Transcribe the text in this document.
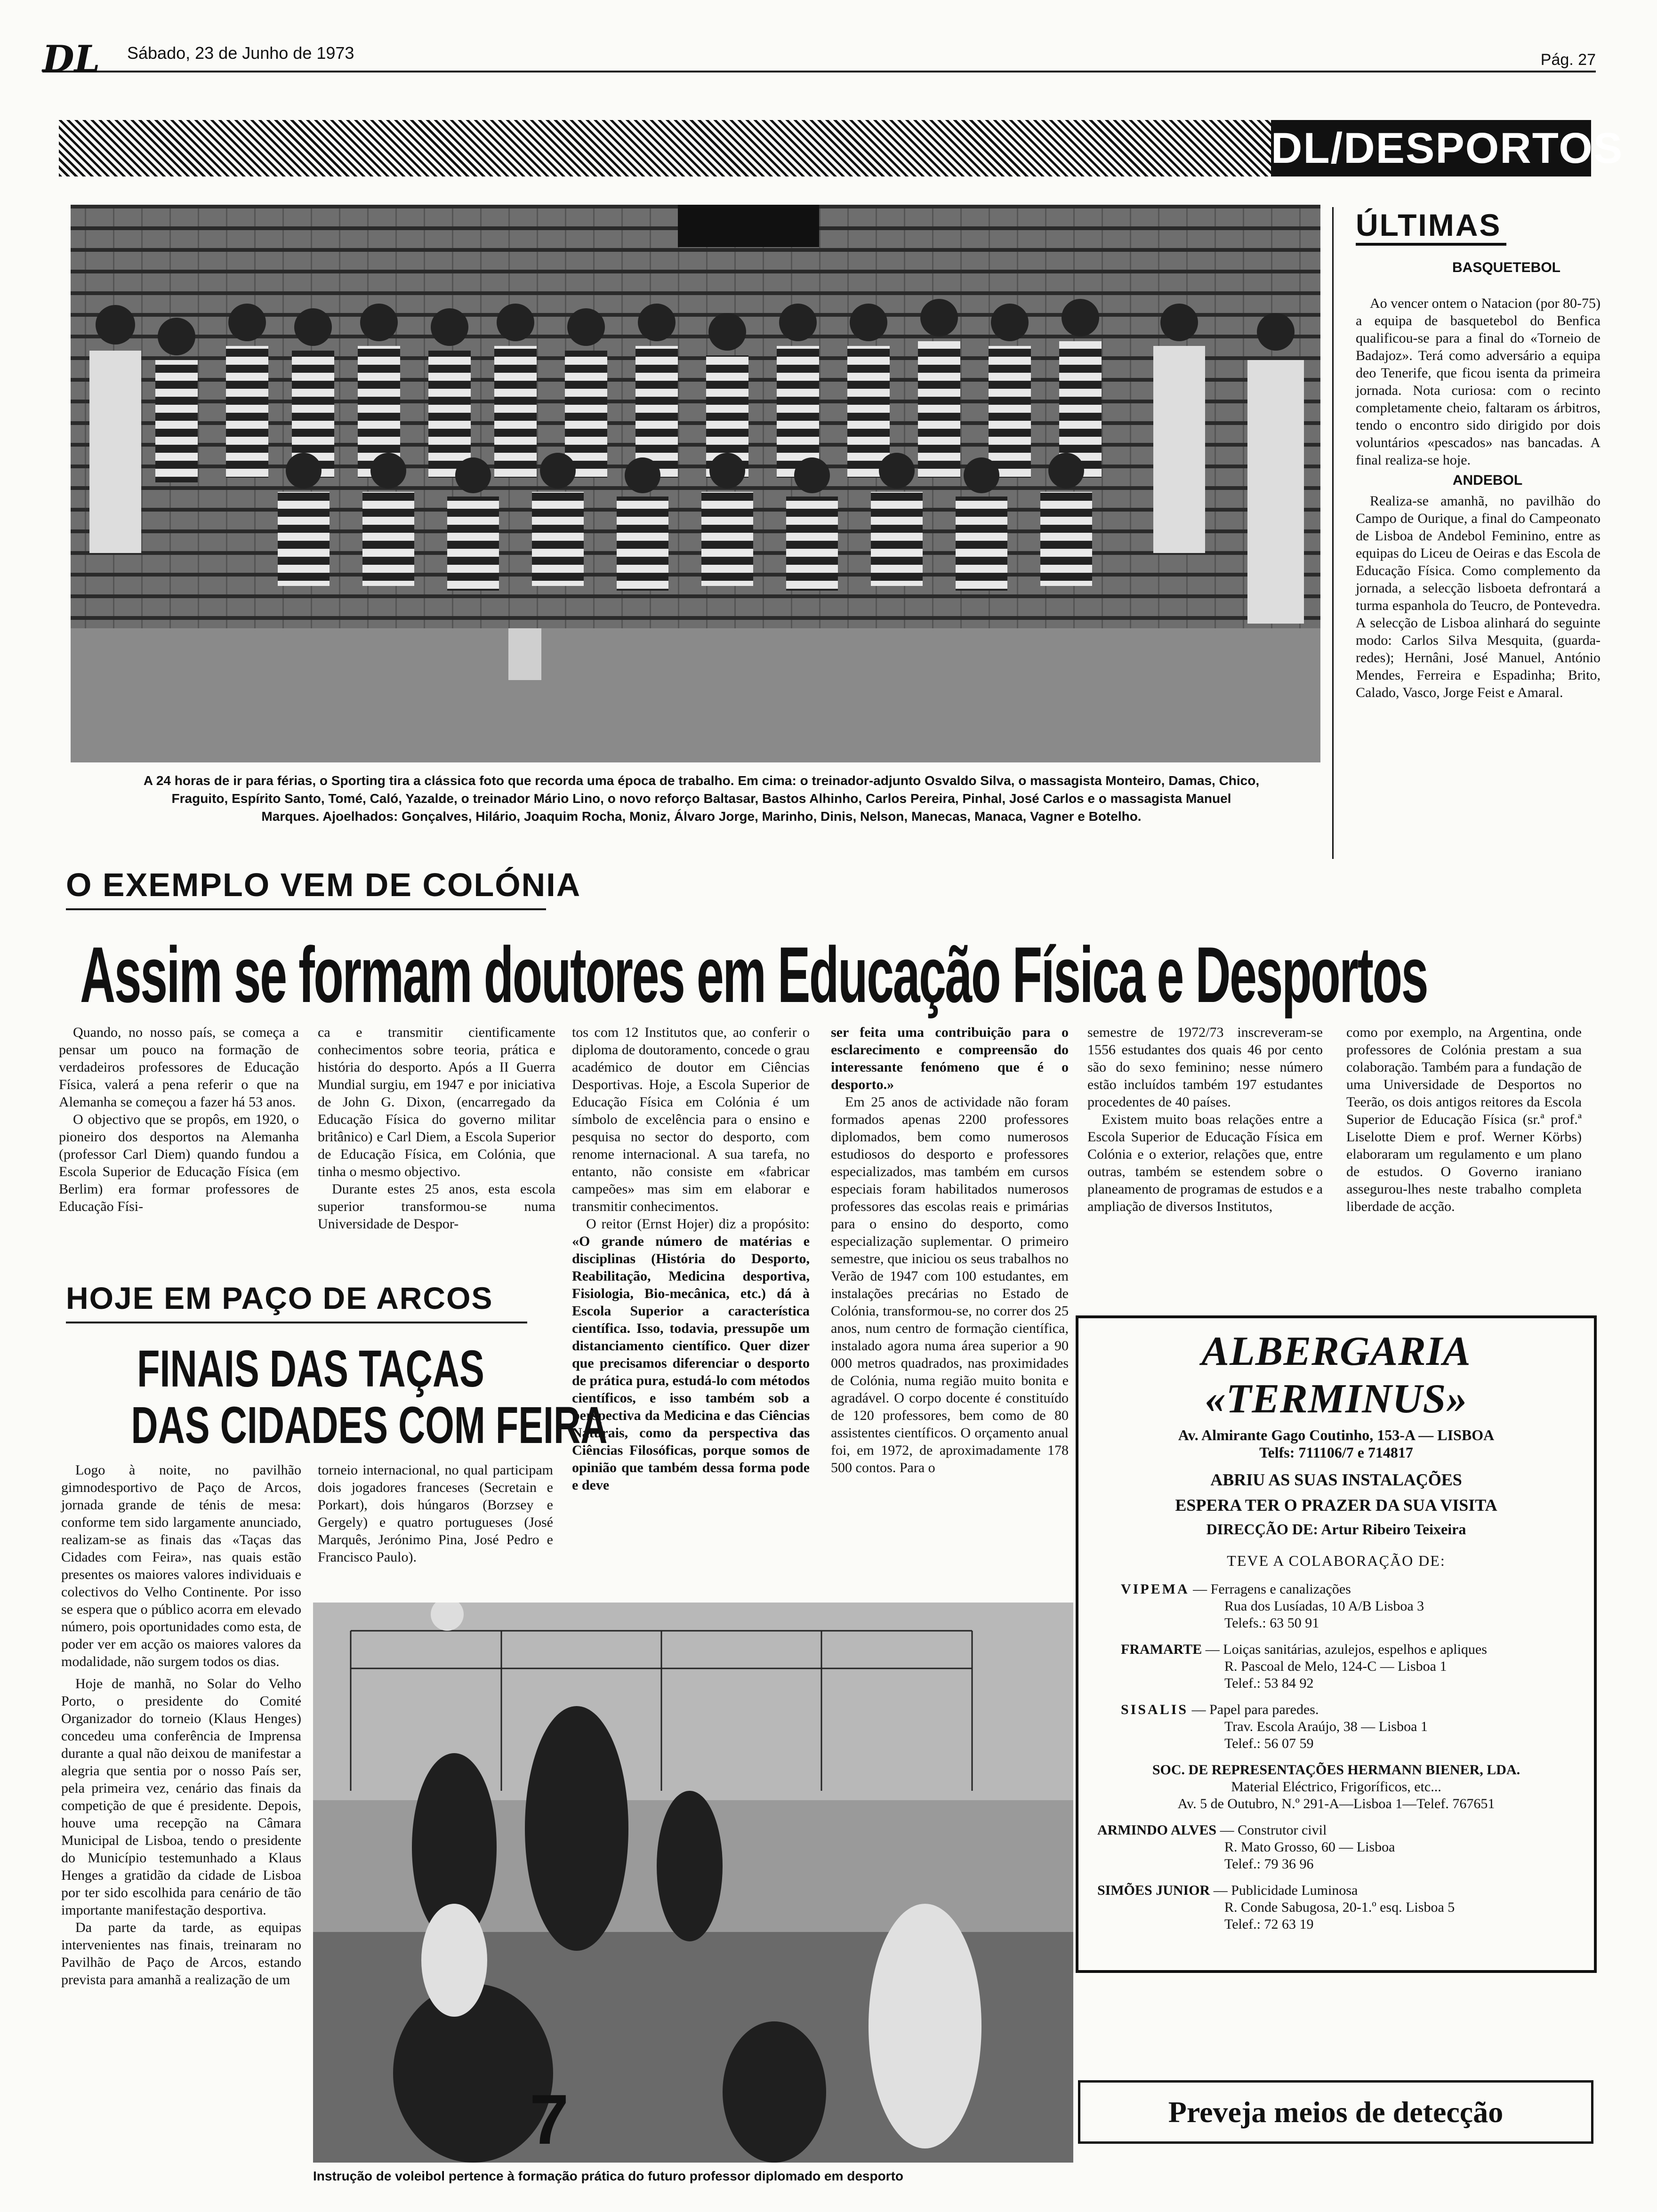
DL Sábado, 23 de Junho de 1973	Pág. 27
DL/DESPORTOS
A 24 horas de ir para férias, o Sporting tira a clássica foto que recorda uma época de trabalho. Em cima: o treinador-adjunto Osvaldo Silva, o massagista Monteiro, Damas, Chico, Fraguito, Espírito Santo, Tomé, Caló, Yazalde, o treinador Mário Lino, o novo reforço Baltasar, Bastos Alhinho, Carlos Pereira, Pinhal, José Carlos e o massagista Manuel Marques. Ajoelhados: Gonçalves, Hilário, Joaquim Rocha, Moniz, Álvaro Jorge, Marinho, Dinis, Nelson, Manecas, Manaca, Vagner e Botelho.
ÚLTIMAS
BASQUETEBOL

Ao vencer ontem o Natacion (por 80-75) a equipa de basquetebol do Benfica qualificou-se para a final do «Torneio de Badajoz». Terá como adversário a equipa deo Tenerife, que ficou isenta da primeira jornada. Nota curiosa: com o recinto completamente cheio, faltaram os árbitros, tendo o encontro sido dirigido por dois voluntários «pescados» nas bancadas. A final realiza-se hoje.

ANDEBOL

Realiza-se amanhã, no pavilhão do Campo de Ourique, a final do Campeonato de Lisboa de Andebol Feminino, entre as equipas do Liceu de Oeiras e das Escola de Educação Física. Como complemento da jornada, a selecção lisboeta defrontará a turma espanhola do Teucro, de Pontevedra. A selecção de Lisboa alinhará do seguinte modo: Carlos Silva Mesquita, (guarda-redes); Hernâni, José Manuel, António Mendes, Ferreira e Espadinha; Brito, Calado, Vasco, Jorge Feist e Amaral.

O EXEMPLO VEM DE COLÓNIA
Assim se formam doutores em Educação Física e Desportos

Quando, no nosso país, se começa a pensar um pouco na formação de verdadeiros professores de Educação Física, valerá a pena referir o que na Alemanha se começou a fazer há 53 anos.

O objectivo que se propôs, em 1920, o pioneiro dos desportos na Alemanha (professor Carl Diem) quando fundou a Escola Superior de Educação Física (em Berlim) era formar professores de Educação Físi-

ca e transmitir cientificamente conhecimentos sobre teoria, prática e história do desporto. Após a II Guerra Mundial surgiu, em 1947 e por iniciativa de John G. Dixon, (encarregado da Educação Física do governo militar britânico) e Carl Diem, a Escola Superior de Educação Física, em Colónia, que tinha o mesmo objectivo.

Durante estes 25 anos, esta escola superior transformou-se numa Universidade de Despor-

tos com 12 Institutos que, ao conferir o diploma de doutoramento, concede o grau académico de doutor em Ciências Desportivas. Hoje, a Escola Superior de Educação Física em Colónia é um símbolo de excelência para o ensino e pesquisa no sector do desporto, com renome internacional. A sua tarefa, no entanto, não consiste em «fabricar campeões» mas sim em elaborar e transmitir conhecimentos.

O reitor (Ernst Hojer) diz a propósito: «O grande número de matérias e disciplinas (História do Desporto, Reabilitação, Medicina desportiva, Fisiologia, Bio-mecânica, etc.) dá à Escola Superior a característica científica. Isso, todavia, pressupõe um distanciamento científico. Quer dizer que precisamos diferenciar o desporto de prática pura, estudá-lo com métodos científicos, e isso também sob a perspectiva da Medicina e das Ciências Naturais, como da perspectiva das Ciências Filosóficas, porque somos de opinião que também dessa forma pode e deve

ser feita uma contribuição para o esclarecimento e compreensão do interessante fenómeno que é o desporto.»

Em 25 anos de actividade não foram formados apenas 2200 professores diplomados, bem como numerosos estudiosos do desporto e professores especializados, mas também em cursos especiais foram habilitados numerosos professores das escolas reais e primárias para o ensino do desporto, como especialização suplementar. O primeiro semestre, que iniciou os seus trabalhos no Verão de 1947 com 100 estudantes, em instalações precárias no Estado de Colónia, transformou-se, no correr dos 25 anos, num centro de formação científica, instalado agora numa área superior a 90 000 metros quadrados, nas proximidades de Colónia, numa região muito bonita e agradável. O corpo docente é constituído de 120 professores, bem como de 80 assistentes científicos. O orçamento anual foi, em 1972, de aproximadamente 178 500 contos. Para o

semestre de 1972/73 inscreveram-se 1556 estudantes dos quais 46 por cento são do sexo feminino; nesse número estão incluídos também 197 estudantes procedentes de 40 países.

Existem muito boas relações entre a Escola Superior de Educação Física em Colónia e o exterior, relações que, entre outras, também se estendem sobre o planeamento de programas de estudos e a ampliação de diversos Institutos,

como por exemplo, na Argentina, onde professores de Colónia prestam a sua colaboração. Também para a fundação de uma Universidade de Desportos no Teerão, os dois antigos reitores da Escola Superior de Educação Física (sr.ª prof.ª Liselotte Diem e prof. Werner Körbs) elaboraram um regulamento e um plano de estudos. O Governo iraniano assegurou-lhes neste trabalho completa liberdade de acção.

HOJE EM PAÇO DE ARCOS
FINAIS DAS TAÇAS
DAS CIDADES COM FEIRA

Logo à noite, no pavilhão gimnodesportivo de Paço de Arcos, jornada grande de ténis de mesa: conforme tem sido largamente anunciado, realizam-se as finais das «Taças das Cidades com Feira», nas quais estão presentes os maiores valores individuais e colectivos do Velho Continente. Por isso se espera que o público acorra em elevado número, pois oportunidades como esta, de poder ver em acção os maiores valores da modalidade, não surgem todos os dias.

Hoje de manhã, no Solar do Velho Porto, o presidente do Comité Organizador do torneio (Klaus Henges) concedeu uma conferência de Imprensa durante a qual não deixou de manifestar a alegria que sentia por o nosso País ser, pela primeira vez, cenário das finais da competição de que é presidente. Depois, houve uma recepção na Câmara Municipal de Lisboa, tendo o presidente do Município testemunhado a Klaus Henges a gratidão da cidade de Lisboa por ter sido escolhida para cenário de tão importante manifestação desportiva.

Da parte da tarde, as equipas intervenientes nas finais, treinaram no Pavilhão de Paço de Arcos, estando prevista para amanhã a realização de um

torneio internacional, no qual participam dois jogadores franceses (Secretain e Porkart), dois húngaros (Borzsey e Gergely) e quatro portugueses (José Marquês, Jerónimo Pina, José Pedro e Francisco Paulo).

7
Instrução de voleibol pertence à formação prática do futuro professor diplomado em desporto
ALBERGARIA «TERMINUS»
Av. Almirante Gago Coutinho, 153-A — LISBOA
Telfs: 711106/7 e 714817
ABRIU AS SUAS INSTALAÇÕES
ESPERA TER O PRAZER DA SUA VISITA
DIRECÇÃO DE: Artur Ribeiro Teixeira
TEVE A COLABORAÇÃO DE:
VIPEMA — Ferragens e canalizações
Rua dos Lusíadas, 10 A/B Lisboa 3
Telefs.: 63 50 91
FRAMARTE — Loiças sanitárias, azulejos, espelhos e apliques
R. Pascoal de Melo, 124-C — Lisboa 1
Telef.: 53 84 92
SISALIS — Papel para paredes.
Trav. Escola Araújo, 38 — Lisboa 1
Telef.: 56 07 59
SOC. DE REPRESENTAÇÕES HERMANN BIENER, LDA.
Material Eléctrico, Frigoríficos, etc...
Av. 5 de Outubro, N.º 291-A—Lisboa 1—Telef. 767651
ARMINDO ALVES — Construtor civil
R. Mato Grosso, 60 — Lisboa
Telef.: 79 36 96
SIMÕES JUNIOR — Publicidade Luminosa
R. Conde Sabugosa, 20-1.º esq. Lisboa 5
Telef.: 72 63 19
Preveja meios de detecção
